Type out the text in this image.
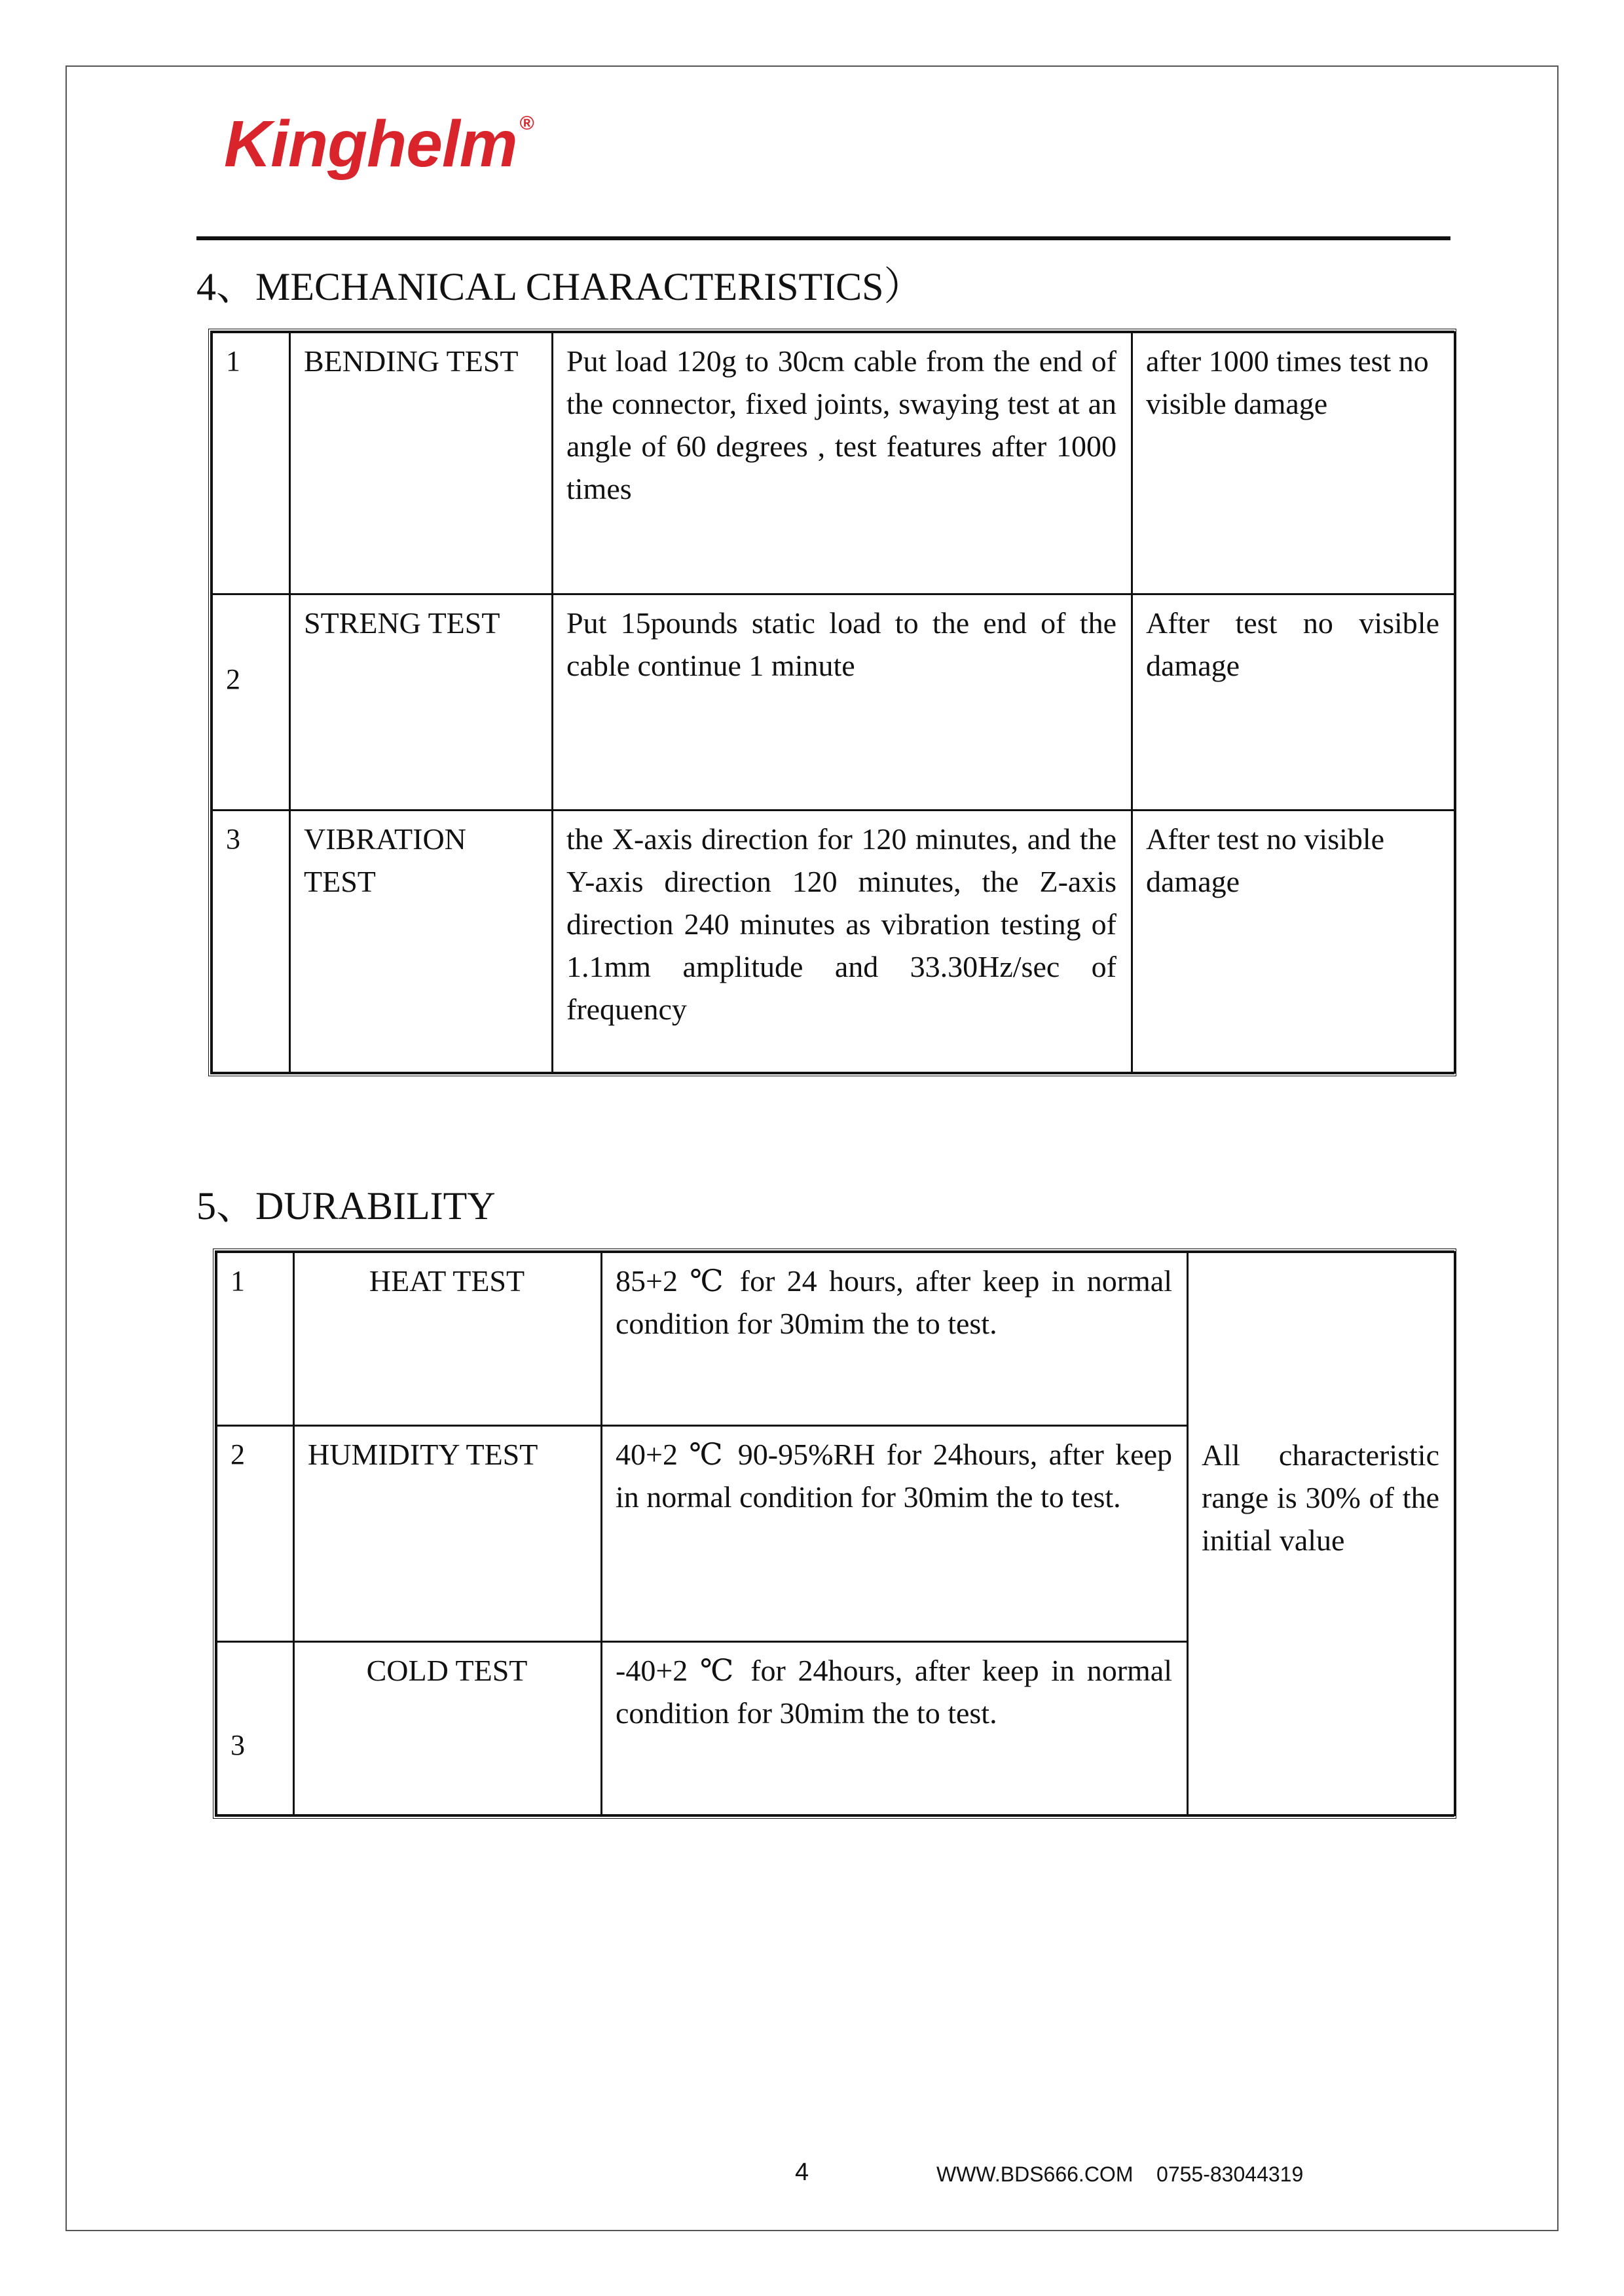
Kinghelm ®
4、MECHANICAL CHARACTERISTICS）
1	BENDING TEST	Put load 120g to 30cm cable from the end of the connector, fixed joints, swaying test at an angle of 60 degrees , test features after 1000 times	after 1000 times test no visible damage
2	STRENG TEST	Put 15pounds static load to the end of the cable continue 1 minute	After test no visible damage
3	VIBRATION TEST	the X-axis direction for 120 minutes, and the Y-axis direction 120 minutes, the Z-axis direction 240 minutes as vibration testing of 1.1mm amplitude and 33.30Hz/sec of frequency	After test no visible damage
5、DURABILITY
1	HEAT TEST	85+2 ℃ for 24 hours, after keep in normal condition for 30mim the to test.	All characteristic range is 30% of the initial value
2	HUMIDITY TEST	40+2 ℃ 90-95%RH for 24hours, after keep in normal condition for 30mim the to test.	
3	COLD TEST	-40+2 ℃ for 24hours, after keep in normal condition for 30mim the to test.	
4	WWW.BDS666.COM 0755-83044319
